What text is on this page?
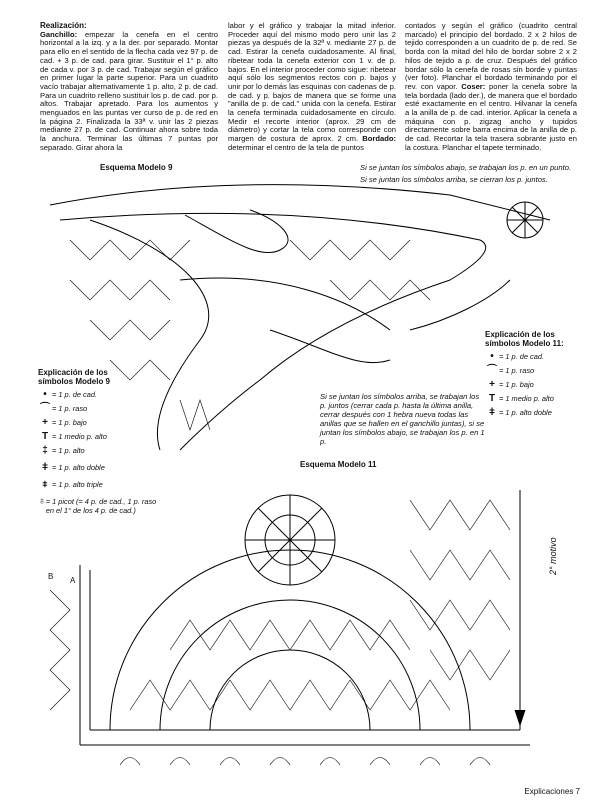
Realización:

Ganchillo: empezar la cenefa en el centro horizontal a la izq. y a la der. por separado. Montar para ello en el sentido de la flecha cada vez 97 p. de cad. + 3 p. de cad. para girar. Sustituir el 1° p. alto de cada v. por 3 p. de cad. Trabajar según el gráfico en primer lugar la parte superior. Para un cuadrito vacío trabajar alternativamente 1 p. alto, 2 p. de cad. Para un cuadrito relleno sustituir los p. de cad. por p. altos. Trabajar apretado. Para los aumentos y menguados en las puntas ver curso de p. de red en la página 2. Finalizada la 33ª v. unir las 2 piezas mediante 27 p. de cad. Continuar ahora sobre toda la anchura. Terminar las últimas 7 puntas por separado. Girar ahora la

labor y el gráfico y trabajar la mitad inferior. Proceder aquí del mismo modo pero unir las 2 piezas ya después de la 32ª v. mediante 27 p. de cad. Estirar la cenefa cuidadosamente. Al final, ribetear toda la cenefa exterior con 1 v. de p. bajos. En el interior proceder como sigue: ribetear aquí sólo los segmentos rectos con p. bajos y unir por lo demás las esquinas con cadenas de p. de cad. y p. bajos de manera que se forme una "anilla de p. de cad." unida con la cenefa. Estirar la cenefa terminada cuidadosamente en círculo. Medir el recorte interior (aprox. 29 cm de diámetro) y cortar la tela como corresponde con margen de costura de aprox. 2 cm. Bordado: determinar el centro de la tela de puntos

contados y según el gráfico (cuadrito central marcado) el principio del bordado. 2 x 2 hilos de tejido corresponden a un cuadrito de p. de red. Se borda con la mitad del hilo de bordar sobre 2 x 2 hilos de tejido a p. de cruz. Después del gráfico bordar sólo la cenefa de rosas sin borde y puntas (ver foto). Planchar el bordado terminando por el rev. con vapor. Coser: poner la cenefa sobre la tela bordada (lado der.), de manera que el bordado esté exactamente en el centro. Hilvanar la cenefa a la anilla de p. de cad. interior. Aplicar la cenefa a máquina con p. zigzag ancho y tupidos directamente sobre barra encima de la anilla de p. de cad. Recortar la tela trasera sobrante justo en la costura. Planchar el tapete terminado.

Esquema Modelo 9	Si se juntan los símbolos abajo, se trabajan los p. en un punto.
Si se juntan los símbolos arriba, se cierran los p. juntos.
Explicación de los
símbolos Modelo 9
• = 1 p. de cad.
⌒ = 1 p. raso
+ = 1 p. bajo
T = 1 medio p. alto
‡ = 1 p. alto
ǂ = 1 p. alto doble
⧧ = 1 p. alto triple
♁ = 1 picot (= 4 p. de cad., 1 p. raso en el 1° de los 4 p. de cad.)
Explicación de los
símbolos Modelo 11:
• = 1 p. de cad.
⌒ = 1 p. raso
+ = 1 p. bajo
T = 1 medio p. alto
ǂ = 1 p. alto doble
Si se juntan los símbolos arriba, se trabajan los p. juntos (cerrar cada p. hasta la última anilla, cerrar después con 1 hebra nueva todas las anillas que se hallen en el ganchillo juntas), si se juntan los símbolos abajo, se trabajan los p. en 1 p.
Esquema Modelo 11
B A
2° motivo
Explicaciones 7
